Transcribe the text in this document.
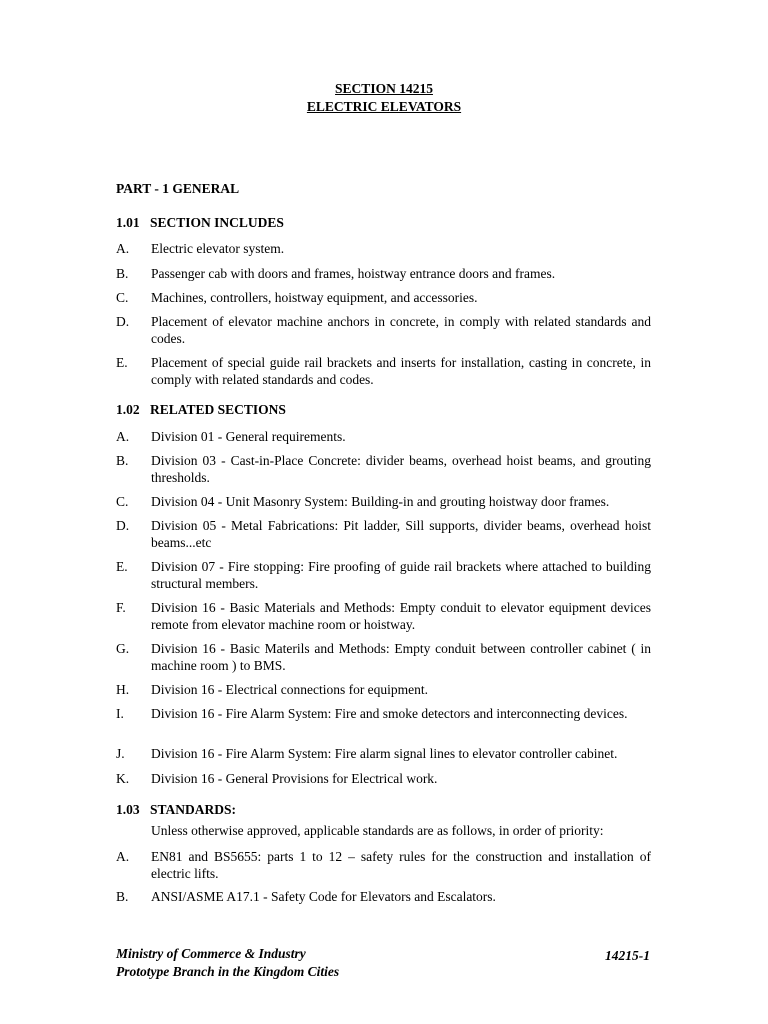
SECTION 14215
ELECTRIC ELEVATORS
PART - 1 GENERAL
1.01 SECTION INCLUDES
A.	Electric elevator system.
B.	Passenger cab with doors and frames, hoistway entrance doors and frames.
C.	Machines, controllers, hoistway equipment, and accessories.
D.	Placement of elevator machine anchors in concrete, in comply with related standards and codes.
E.	Placement of special guide rail brackets and inserts for installation, casting in concrete, in comply with related standards and codes.
1.02 RELATED SECTIONS
A.	Division 01 - General requirements.
B.	Division 03 - Cast-in-Place Concrete: divider beams, overhead hoist beams, and grouting thresholds.
C.	Division 04 - Unit Masonry System: Building-in and grouting hoistway door frames.
D.	Division 05 - Metal Fabrications: Pit ladder, Sill supports, divider beams, overhead hoist beams...etc
E.	Division 07 - Fire stopping: Fire proofing of guide rail brackets where attached to building structural members.
F.	Division 16 - Basic Materials and Methods: Empty conduit to elevator equipment devices remote from elevator machine room or hoistway.
G.	Division 16 - Basic Materils and Methods: Empty conduit between controller cabinet ( in machine room ) to BMS.
H.	Division 16 - Electrical connections for equipment.
I.	Division 16 - Fire Alarm System: Fire and smoke detectors and interconnecting devices.
J.	Division 16 - Fire Alarm System: Fire alarm signal lines to elevator controller cabinet.
K.	Division 16 - General Provisions for Electrical work.
1.03 STANDARDS:
Unless otherwise approved, applicable standards are as follows, in order of priority:
A.	EN81 and BS5655: parts 1 to 12 – safety rules for the construction and installation of electric lifts.
B.	ANSI/ASME A17.1 - Safety Code for Elevators and Escalators.
Ministry of Commerce & Industry
Prototype Branch in the Kingdom Cities
14215-1
